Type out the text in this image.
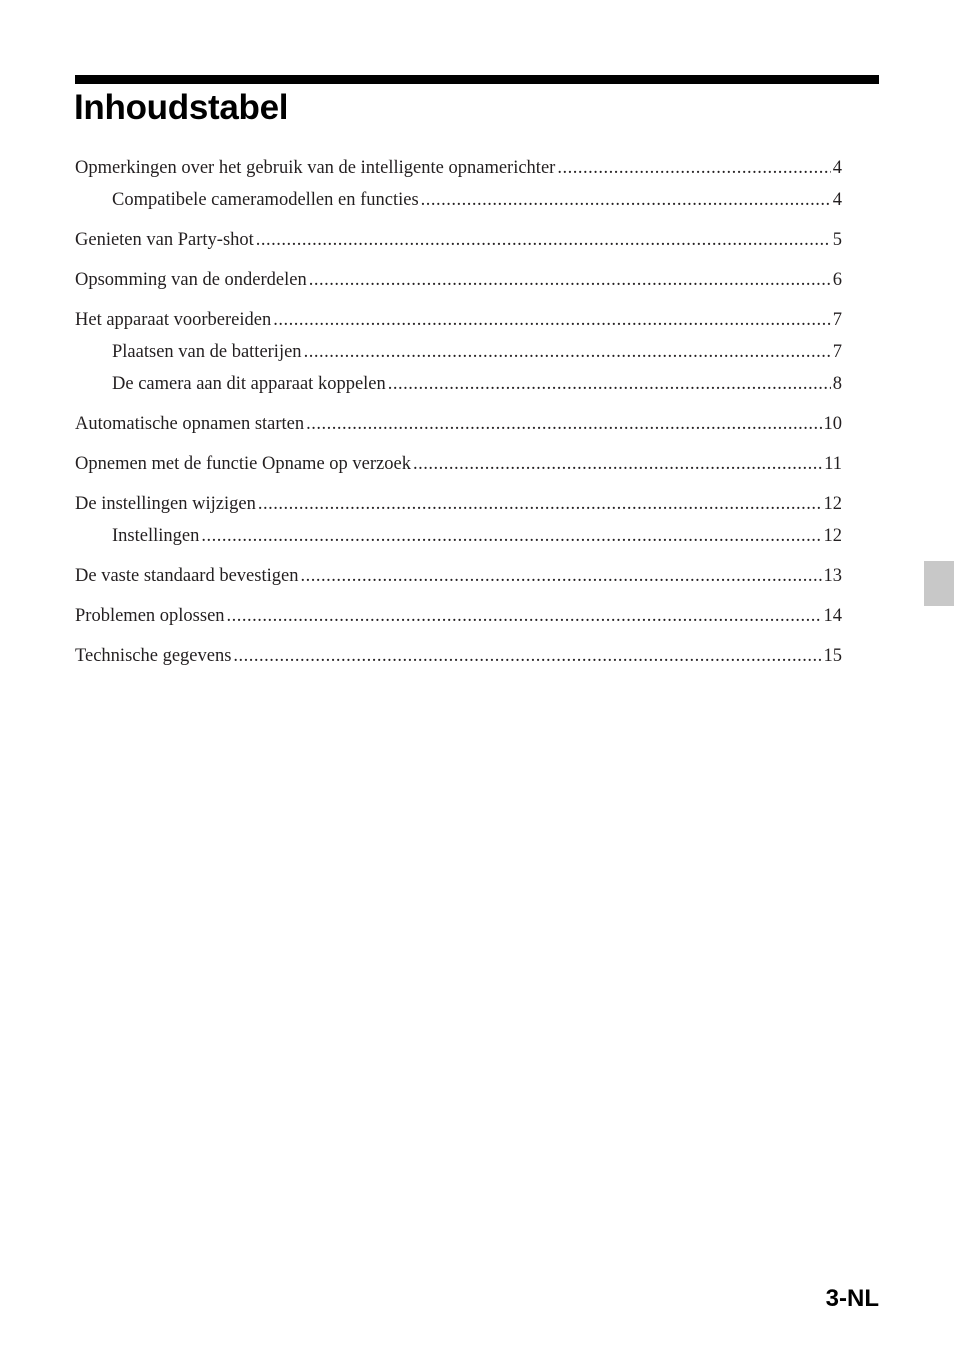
Inhoudstabel
Opmerkingen over het gebruik van de intelligente opnamerichter .....	4
Compatibele cameramodellen en functies .....	4
Genieten van Party-shot .....	5
Opsomming van de onderdelen .....	6
Het apparaat voorbereiden .....	7
Plaatsen van de batterijen .....	7
De camera aan dit apparaat koppelen .....	8
Automatische opnamen starten .....	10
Opnemen met de functie Opname op verzoek .....	11
De instellingen wijzigen .....	12
Instellingen .....	12
De vaste standaard bevestigen .....	13
Problemen oplossen .....	14
Technische gegevens .....	15
3-NL
